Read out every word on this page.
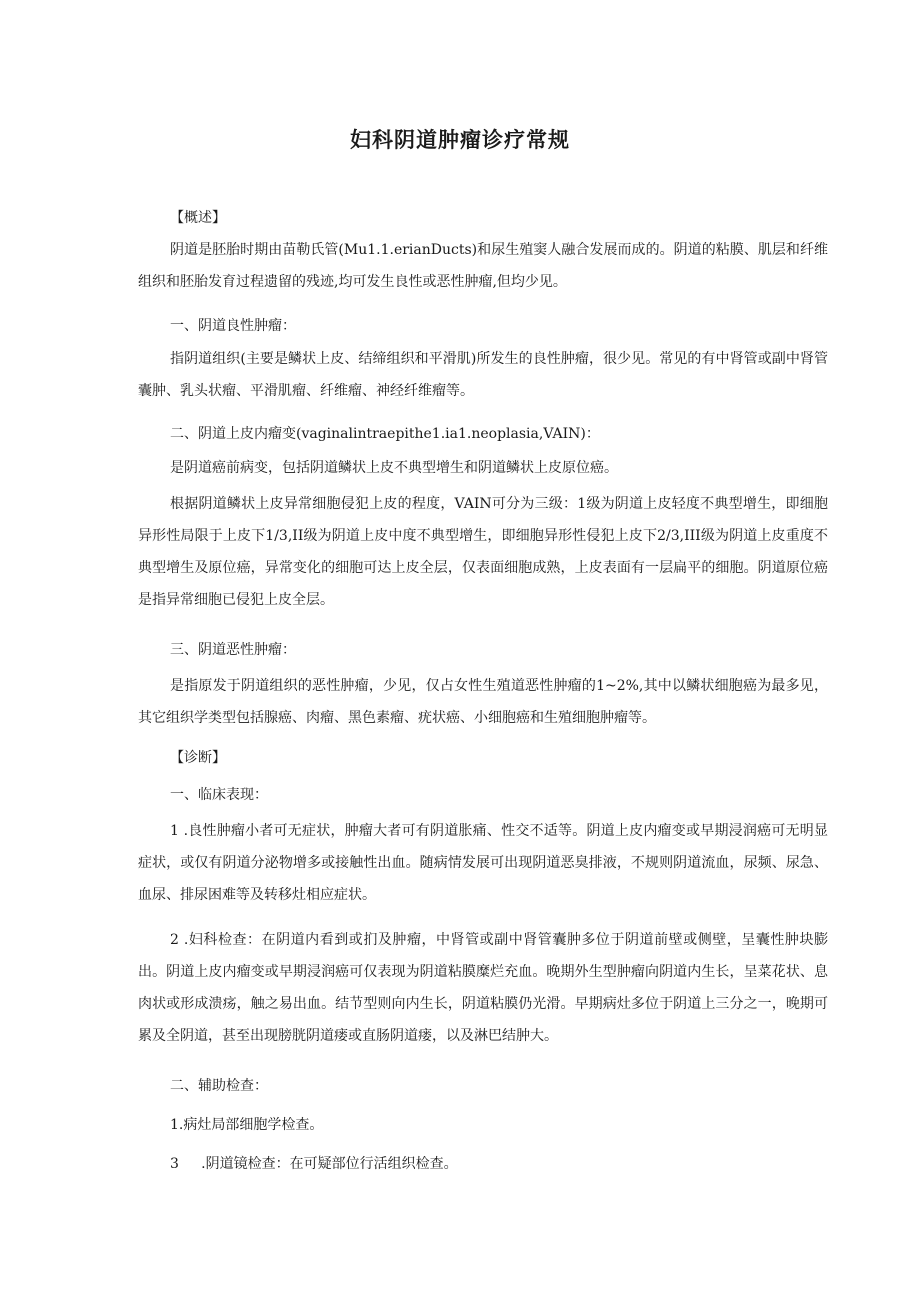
妇科阴道肿瘤诊疗常规

【概述】

阴道是胚胎时期由苗勒氏管(Mu1.1.erianDucts)和尿生殖窦人融合发展而成的。阴道的粘膜、肌层和纤维组织和胚胎发育过程遗留的残迹,均可发生良性或恶性肿瘤,但均少见。

一、阴道良性肿瘤：

指阴道组织(主要是鳞状上皮、结缔组织和平滑肌)所发生的良性肿瘤，很少见。常见的有中肾管或副中肾管囊肿、乳头状瘤、平滑肌瘤、纤维瘤、神经纤维瘤等。

二、阴道上皮内瘤变(vaginalintraepithe1.ia1.neoplasia,VAIN)：

是阴道癌前病变，包括阴道鳞状上皮不典型增生和阴道鳞状上皮原位癌。

根据阴道鳞状上皮异常细胞侵犯上皮的程度，VAIN可分为三级：1级为阴道上皮轻度不典型增生，即细胞异形性局限于上皮下1/3,II级为阴道上皮中度不典型增生，即细胞异形性侵犯上皮下2/3,III级为阴道上皮重度不典型增生及原位癌，异常变化的细胞可达上皮全层，仅表面细胞成熟，上皮表面有一层扁平的细胞。阴道原位癌是指异常细胞已侵犯上皮全层。

三、阴道恶性肿瘤：

是指原发于阴道组织的恶性肿瘤，少见，仅占女性生殖道恶性肿瘤的1~2%,其中以鳞状细胞癌为最多见，其它组织学类型包括腺癌、肉瘤、黑色素瘤、疣状癌、小细胞癌和生殖细胞肿瘤等。

【诊断】

一、临床表现：

1 .良性肿瘤小者可无症状，肿瘤大者可有阴道胀痛、性交不适等。阴道上皮内瘤变或早期浸润癌可无明显症状，或仅有阴道分泌物增多或接触性出血。随病情发展可出现阴道恶臭排液，不规则阴道流血，尿频、尿急、血尿、排尿困难等及转移灶相应症状。

2 .妇科检查：在阴道内看到或扪及肿瘤，中肾管或副中肾管囊肿多位于阴道前壁或侧壁，呈囊性肿块膨出。阴道上皮内瘤变或早期浸润癌可仅表现为阴道粘膜糜烂充血。晚期外生型肿瘤向阴道内生长，呈菜花状、息肉状或形成溃疡，触之易出血。结节型则向内生长，阴道粘膜仍光滑。早期病灶多位于阴道上三分之一，晚期可累及全阴道，甚至出现膀胱阴道瘘或直肠阴道瘘，以及淋巴结肿大。

二、辅助检查：

1.病灶局部细胞学检查。

3     .阴道镜检查：在可疑部位行活组织检查。
